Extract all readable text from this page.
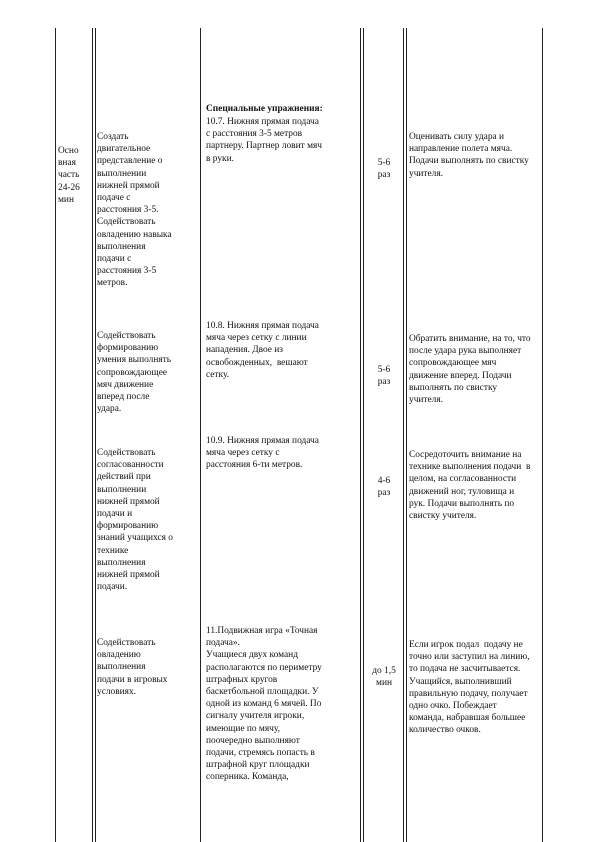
Осно
вная
часть
24-26
мин
Создать
двигательное
представление о
выполнении
нижней прямой
подаче с
расстояния 3-5.
Содействовать
овладению навыка
выполнения
подачи с
расстояния 3-5
метров.
Специальные упражнения:
10.7. Нижняя прямая подача
с расстояния 3-5 метров
партнеру. Партнер ловит мяч
в руки.	5-6
раз
Оценивать силу удара и
направление полета мяча.
Подачи выполнять по свистку
учителя.
Содействовать
формированию
умения выполнять
сопровождающее
мяч движение
вперед после
удара.
10.8. Нижняя прямая подача
мяча через сетку с линии
нападения. Двое из
освобожденных,  вешают
сетку.	5-6
раз
Обратить внимание, на то, что
после удара рука выполняет
сопровождающее мяч
движение вперед. Подачи
выполнять по свистку
учителя.
Содействовать
согласованности
действий при
выполнении
нижней прямой
подачи и
формированию
знаний учащихся о
технике
выполнения
нижней прямой
подачи.
10.9. Нижняя прямая подача
мяча через сетку с
расстояния 6-ти метров.
4-6
раз
Сосредоточить внимание на
технике выполнения подачи  в
целом, на согласованности
движений ног, туловища и
рук. Подачи выполнять по
свистку учителя.
Содействовать
овладению
выполнения
подачи в игровых
условиях.
11.Подвижная игра «Точная
подача».
Учащиеся двух команд
располагаются по периметру
штрафных кругов
баскетбольной площадки. У
одной из команд 6 мячей. По
сигналу учителя игроки,
имеющие по мячу,
поочередно выполняют
подачи, стремясь попасть в
штрафной круг площадки
соперника. Команда,
до 1,5
мин
Если игрок подал  подачу не
точно или заступил на линию,
то подача не засчитывается.
Учащийся, выполнивший
правильную подачу, получает
одно очко. Побеждает
команда, набравшая большее
количество очков.
